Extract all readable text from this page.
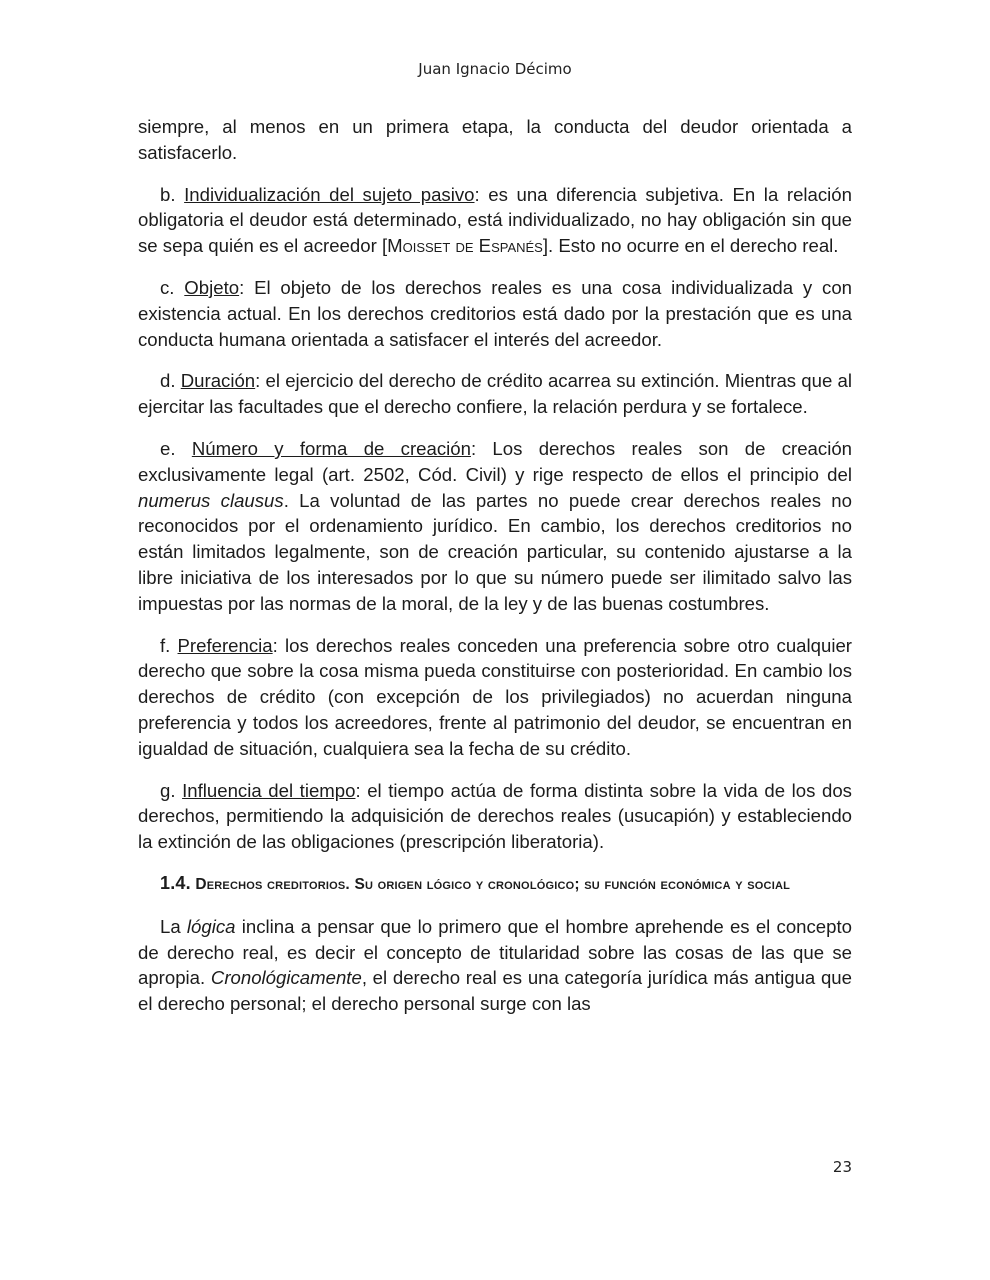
Juan Ignacio Décimo

siempre, al menos en un primera etapa, la conducta del deudor orientada a satisfacerlo.

b. Individualización del sujeto pasivo: es una diferencia subjetiva. En la relación obligatoria el deudor está determinado, está individualizado, no hay obligación sin que se sepa quién es el acreedor [Moisset de Espanés]. Esto no ocurre en el derecho real.

c. Objeto: El objeto de los derechos reales es una cosa individualizada y con existencia actual. En los derechos creditorios está dado por la prestación que es una conducta humana orientada a satisfacer el interés del acreedor.

d. Duración: el ejercicio del derecho de crédito acarrea su extinción. Mientras que al ejercitar las facultades que el derecho confiere, la relación perdura y se fortalece.

e. Número y forma de creación: Los derechos reales son de creación exclusivamente legal (art. 2502, Cód. Civil) y rige respecto de ellos el principio del numerus clausus. La voluntad de las partes no puede crear derechos reales no reconocidos por el ordenamiento jurídico. En cambio, los derechos creditorios no están limitados legalmente, son de creación particular, su contenido ajustarse a la libre iniciativa de los interesados por lo que su número puede ser ilimitado salvo las impuestas por las normas de la moral, de la ley y de las buenas costumbres.

f. Preferencia: los derechos reales conceden una preferencia sobre otro cualquier derecho que sobre la cosa misma pueda constituirse con posterioridad. En cambio los derechos de crédito (con excepción de los privilegiados) no acuerdan ninguna preferencia y todos los acreedores, frente al patrimonio del deudor, se encuentran en igualdad de situación, cualquiera sea la fecha de su crédito.

g. Influencia del tiempo: el tiempo actúa de forma distinta sobre la vida de los dos derechos, permitiendo la adquisición de derechos reales (usucapión) y estableciendo la extinción de las obligaciones (prescripción liberatoria).

1.4. Derechos creditorios. Su origen lógico y cronológico; su función económica y social

La lógica inclina a pensar que lo primero que el hombre aprehende es el concepto de derecho real, es decir el concepto de titularidad sobre las cosas de las que se apropia. Cronológicamente, el derecho real es una categoría jurídica más antigua que el derecho personal; el derecho personal surge con las

23
